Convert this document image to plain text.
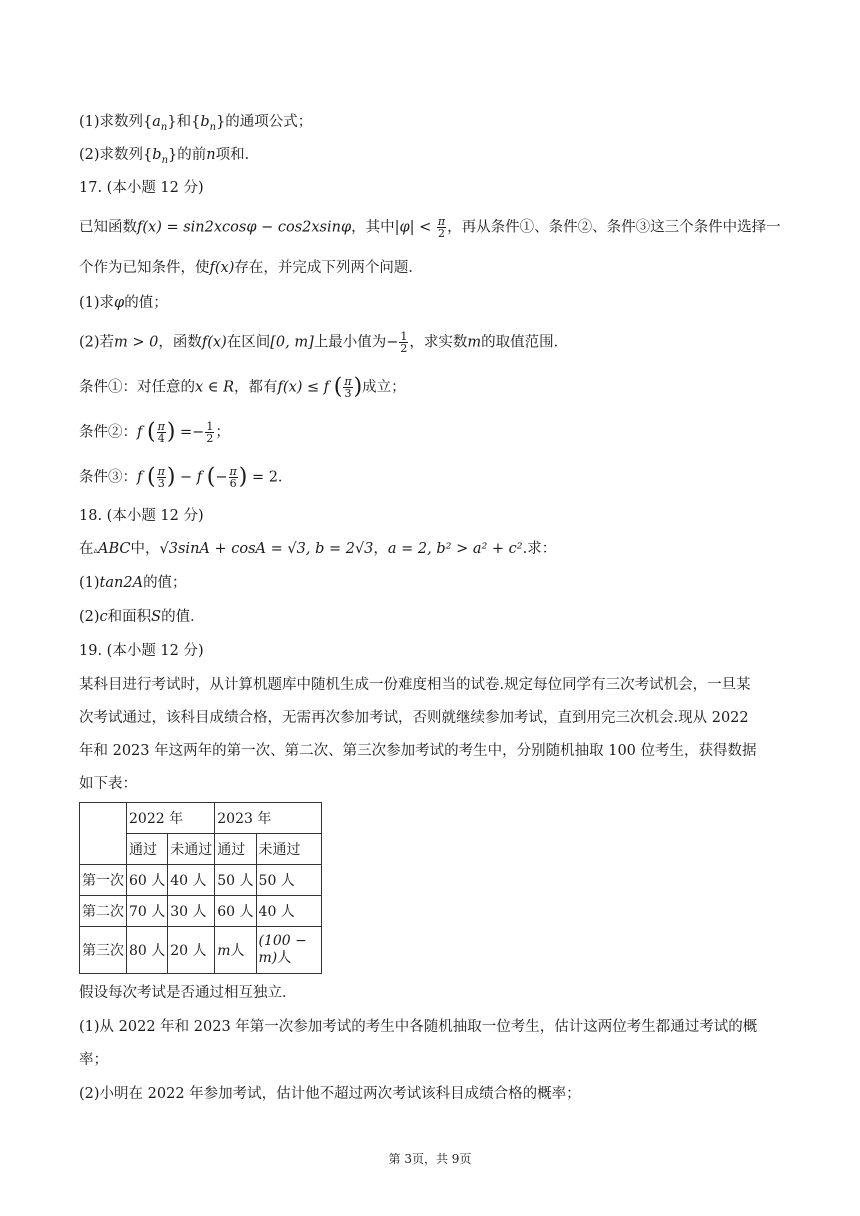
(1)求数列$\{a_n\}$和$\{b_n\}$的通项公式；
(2)求数列$\{b_n\}$的前n项和．
17. (本小题 12 分)
已知函数f(x) = sin2xcosφ − cos2xsinφ，其中$|\varphi| < \frac{\pi}{2}$ ，再从条件①、条件②、条件③这三个条件中选择一
个作为已知条件，使f(x)存在，并完成下列两个问题．
(1)求φ的值；
(2)若m > 0，函数f(x)在区间[0, m]上最小值为− $\frac{1}{2}$ ，求实数m的取值范围．
条件①：对任意的x ∈ R，都有f(x) ≤ f ( $\frac{\pi}{3}$ )成立；
条件②：f ( $\frac{\pi}{4}$ ) =− $\frac{1}{2}$ ；
条件③：f ( $\frac{\pi}{3}$ ) − f (− $\frac{\pi}{6}$ ) = 2．
18. (本小题 12 分)
在▵ABC中，√3sinA + cosA = √3, b = 2√3，a = 2, b² > a² + c².求：
(1)tan2A的值；
(2)c和面积S的值．
19. (本小题 12 分)
某科目进行考试时，从计算机题库中随机生成一份难度相当的试卷.规定每位同学有三次考试机会，一旦某
次考试通过，该科目成绩合格，无需再次参加考试，否则就继续参加考试，直到用完三次机会.现从 2022
年和 2023 年这两年的第一次、第二次、第三次参加考试的考生中，分别随机抽取 100 位考生，获得数据
如下表：
	2022 年		2023 年	
	通过	未通过	通过	未通过
第一次	60 人	40 人	50 人	50 人
第二次	70 人	30 人	60 人	40 人
第三次	80 人	20 人	m人	(100 −
m)人
假设每次考试是否通过相互独立．
(1)从 2022 年和 2023 年第一次参加考试的考生中各随机抽取一位考生，估计这两位考生都通过考试的概
率；
(2)小明在 2022 年参加考试，估计他不超过两次考试该科目成绩合格的概率；
第 3页，共 9页
